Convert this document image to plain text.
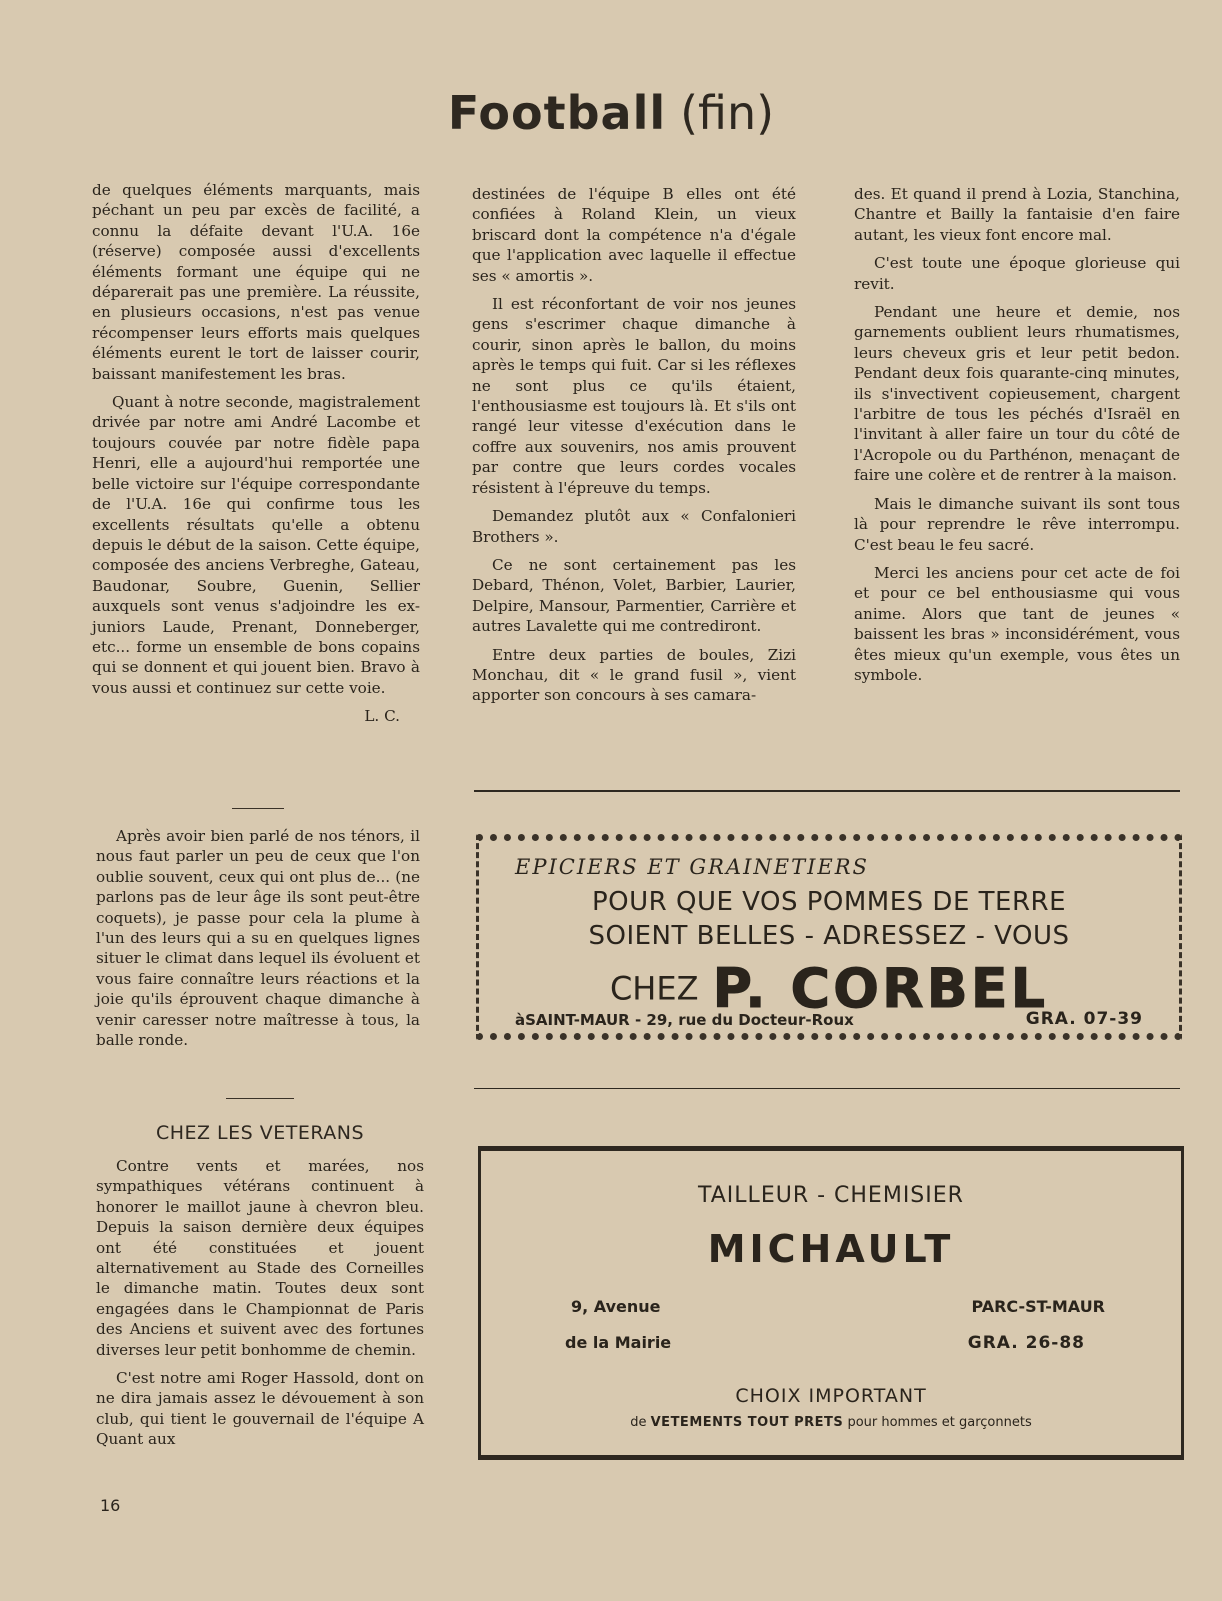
Football (fin)

de quelques éléments marquants, mais péchant un peu par excès de facilité, a connu la défaite devant l'U.A. 16e (réserve) composée aussi d'excellents éléments formant une équipe qui ne déparerait pas une première. La réussite, en plusieurs occasions, n'est pas venue récompenser leurs efforts mais quelques éléments eurent le tort de laisser courir, baissant manifestement les bras.

Quant à notre seconde, magistralement drivée par notre ami André Lacombe et toujours couvée par notre fidèle papa Henri, elle a aujourd'hui remportée une belle victoire sur l'équipe correspondante de l'U.A. 16e qui confirme tous les excellents résultats qu'elle a obtenu depuis le début de la saison. Cette équipe, composée des anciens Verbreghe, Gateau, Baudonar, Soubre, Guenin, Sellier auxquels sont venus s'adjoindre les ex-juniors Laude, Prenant, Donneberger, etc... forme un ensemble de bons copains qui se donnent et qui jouent bien. Bravo à vous aussi et continuez sur cette voie.

L. C.

Après avoir bien parlé de nos ténors, il nous faut parler un peu de ceux que l'on oublie souvent, ceux qui ont plus de... (ne parlons pas de leur âge ils sont peut-être coquets), je passe pour cela la plume à l'un des leurs qui a su en quelques lignes situer le climat dans lequel ils évoluent et vous faire connaître leurs réactions et la joie qu'ils éprouvent chaque dimanche à venir caresser notre maîtresse à tous, la balle ronde.

CHEZ LES VETERANS

Contre vents et marées, nos sympathiques vétérans continuent à honorer le maillot jaune à chevron bleu. Depuis la saison dernière deux équipes ont été constituées et jouent alternativement au Stade des Corneilles le dimanche matin. Toutes deux sont engagées dans le Championnat de Paris des Anciens et suivent avec des fortunes diverses leur petit bonhomme de chemin.

C'est notre ami Roger Hassold, dont on ne dira jamais assez le dévouement à son club, qui tient le gouvernail de l'équipe A Quant aux

destinées de l'équipe B elles ont été confiées à Roland Klein, un vieux briscard dont la compétence n'a d'égale que l'application avec laquelle il effectue ses « amortis ».

Il est réconfortant de voir nos jeunes gens s'escrimer chaque dimanche à courir, sinon après le ballon, du moins après le temps qui fuit. Car si les réflexes ne sont plus ce qu'ils étaient, l'enthousiasme est toujours là. Et s'ils ont rangé leur vitesse d'exécution dans le coffre aux souvenirs, nos amis prouvent par contre que leurs cordes vocales résistent à l'épreuve du temps.

Demandez plutôt aux « Confalonieri Brothers ».

Ce ne sont certainement pas les Debard, Thénon, Volet, Barbier, Laurier, Delpire, Mansour, Parmentier, Carrière et autres Lavalette qui me contrediront.

Entre deux parties de boules, Zizi Monchau, dit « le grand fusil », vient apporter son concours à ses camara-

des. Et quand il prend à Lozia, Stanchina, Chantre et Bailly la fantaisie d'en faire autant, les vieux font encore mal.

C'est toute une époque glorieuse qui revit.

Pendant une heure et demie, nos garnements oublient leurs rhumatismes, leurs cheveux gris et leur petit bedon. Pendant deux fois quarante-cinq minutes, ils s'invectivent copieusement, chargent l'arbitre de tous les péchés d'Israël en l'invitant à aller faire un tour du côté de l'Acropole ou du Parthénon, menaçant de faire une colère et de rentrer à la maison.

Mais le dimanche suivant ils sont tous là pour reprendre le rêve interrompu. C'est beau le feu sacré.

Merci les anciens pour cet acte de foi et pour ce bel enthousiasme qui vous anime. Alors que tant de jeunes « baissent les bras » inconsidérément, vous êtes mieux qu'un exemple, vous êtes un symbole.

EPICIERS ET GRAINETIERS
POUR QUE VOS POMMES DE TERRE
SOIENT BELLES - ADRESSEZ - VOUS
CHEZ P. CORBEL
àSAINT-MAUR - 29, rue du Docteur-Roux	GRA. 07-39
TAILLEUR - CHEMISIER
MICHAULT
9, Avenue
de la Mairie
PARC-ST-MAUR
GRA. 26-88
CHOIX IMPORTANT
de VETEMENTS TOUT PRETS pour hommes et garçonnets
16
